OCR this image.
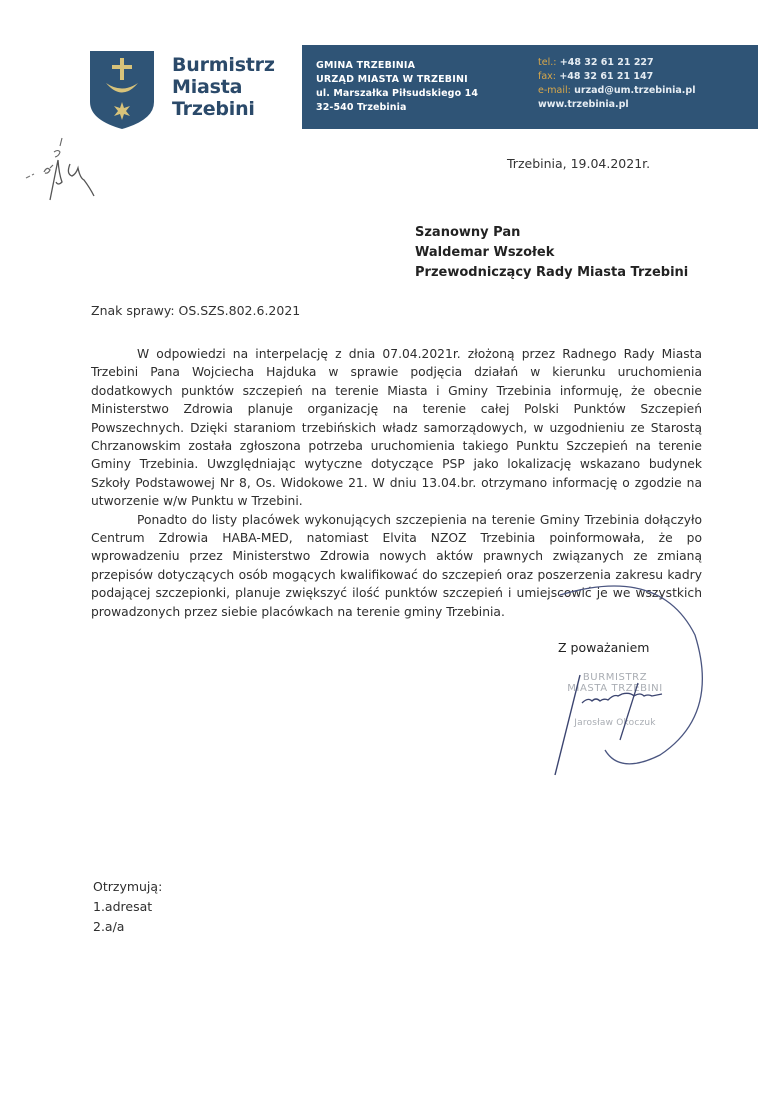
Burmistrz
Miasta
Trzebini
GMINA TRZEBINIA
URZĄD MIASTA W TRZEBINI
ul. Marszałka Piłsudskiego 14
32-540 Trzebinia
tel.: +48 32 61 21 227
fax: +48 32 61 21 147
e-mail: urzad@um.trzebinia.pl
www.trzebinia.pl
Trzebinia, 19.04.2021r.
Szanowny Pan
Waldemar Wszołek
Przewodniczący Rady Miasta Trzebini
Znak sprawy: OS.SZS.802.6.2021

W odpowiedzi na interpelację z dnia 07.04.2021r. złożoną przez Radnego Rady Miasta Trzebini Pana Wojciecha Hajduka w sprawie podjęcia działań w kierunku uruchomienia dodatkowych punktów szczepień na terenie Miasta i Gminy Trzebinia informuję, że obecnie Ministerstwo Zdrowia planuje organizację na terenie całej Polski Punktów Szczepień Powszechnych. Dzięki staraniom trzebińskich władz samorządowych, w uzgodnieniu ze Starostą Chrzanowskim została zgłoszona potrzeba uruchomienia takiego Punktu Szczepień na terenie Gminy Trzebinia. Uwzględniając wytyczne dotyczące PSP jako lokalizację wskazano budynek Szkoły Podstawowej Nr 8, Os. Widokowe 21. W dniu 13.04.br. otrzymano informację o zgodzie na utworzenie w/w Punktu w Trzebini.

Ponadto do listy placówek wykonujących szczepienia na terenie Gminy Trzebinia dołączyło Centrum Zdrowia HABA-MED, natomiast Elvita NZOZ Trzebinia poinformowała, że po wprowadzeniu przez Ministerstwo Zdrowia nowych aktów prawnych związanych ze zmianą przepisów dotyczących osób mogących kwalifikować do szczepień oraz poszerzenia zakresu kadry podającej szczepionki, planuje zwiększyć ilość punktów szczepień i umiejscowić je we wszystkich prowadzonych przez siebie placówkach na terenie gminy Trzebinia.

BURMISTRZ
MIASTA TRZEBINI
Jarosław Okoczuk
Z poważaniem
Otrzymują:
1.adresat
2.a/a
